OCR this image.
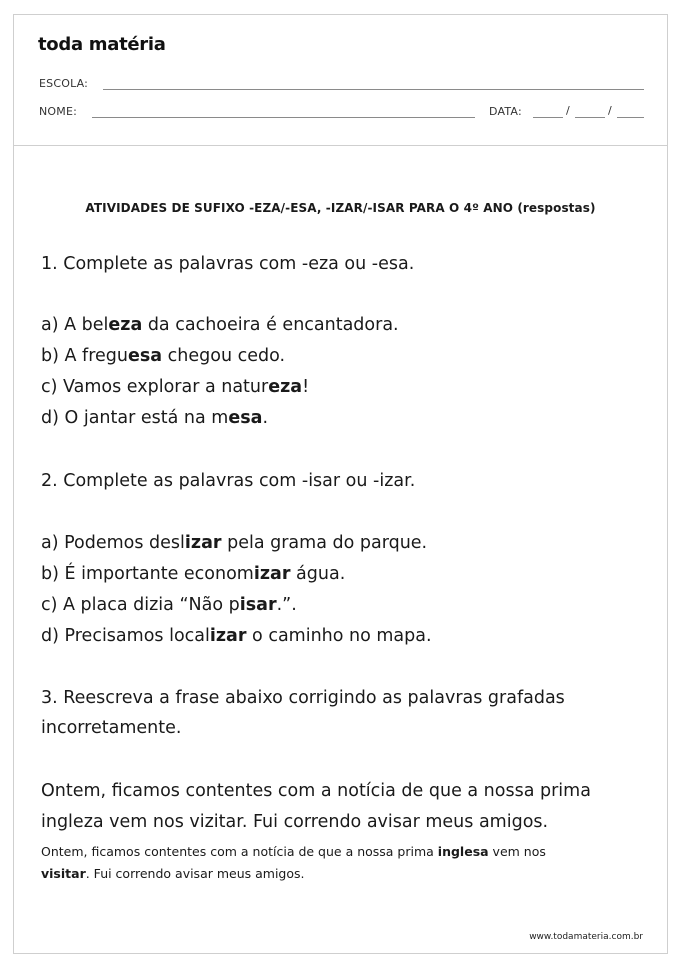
toda matéria
ESCOLA:
NOME:	DATA:	/	/
ATIVIDADES DE SUFIXO -EZA/-ESA, -IZAR/-ISAR PARA O 4º ANO (respostas)
1. Complete as palavras com -eza ou -esa.
a) A beleza da cachoeira é encantadora.
b) A freguesa chegou cedo.
c) Vamos explorar a natureza!
d) O jantar está na mesa.
2. Complete as palavras com -isar ou -izar.
a) Podemos deslizar pela grama do parque.
b) É importante economizar água.
c) A placa dizia “Não pisar.”.
d) Precisamos localizar o caminho no mapa.
3. Reescreva a frase abaixo corrigindo as palavras grafadas
incorretamente.
Ontem, ficamos contentes com a notícia de que a nossa prima
ingleza vem nos vizitar. Fui correndo avisar meus amigos.
Ontem, ficamos contentes com a notícia de que a nossa prima inglesa vem nos
visitar. Fui correndo avisar meus amigos.
www.todamateria.com.br
